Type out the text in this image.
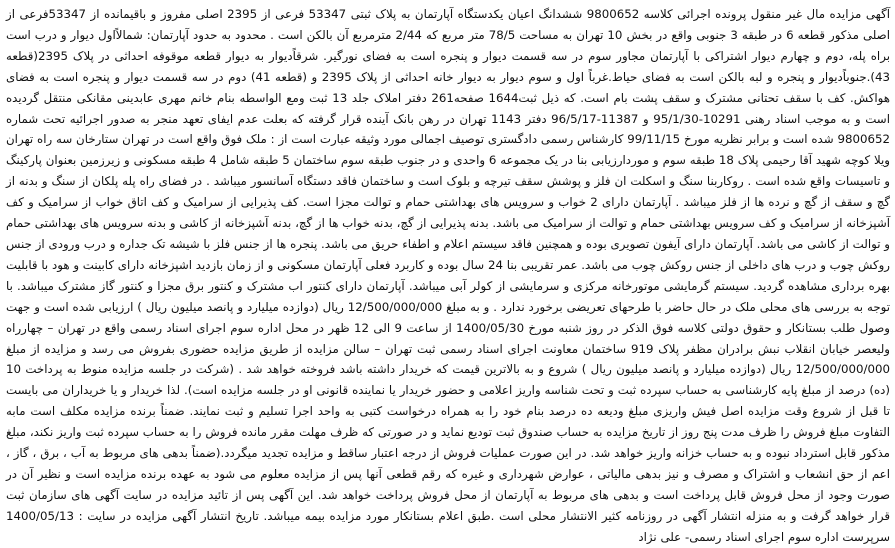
آگهی مزایده مال غیر منقول پرونده اجرائی کلاسه 9800652 ششدانگ اعیان یکدستگاه آپارتمان به پلاک ثبتی 53347 فرعی از 2395 اصلی مفروز و باقیمانده از 53347فرعی از اصلی مذکور قطعه 6 در طبقه 3 جنوبی واقع در بخش 10 تهران به مساحت 78/5 متر مربع که 2/44 مترمربع آن بالکن است . محدود به حدود آپارتمان: شمالاًاول دیوار و درب است براه پله، دوم و چهارم دیوار اشتراکی با آپارتمان مجاور سوم در سه قسمت دیوار و پنجره است به فضای نورگیر. شرقاًدیوار به دیوار قطعه موقوفه احداثی در پلاک 2395(قطعه 43).جنوباًدیوار و پنجره و لبه بالکن است به فضای حیاط.غرباً اول و سوم دیوار به دیوار خانه احداثی از پلاک 2395 و (قطعه 41) دوم در سه قسمت دیوار و پنجره است به فضای هواکش. کف با سقف تحتانی مشترک و سقف پشت بام است. که ذیل ثبت1644 صفحه261 دفتر املاک جلد 13 ثبت ومع الواسطه بنام خانم مهری عابدینی مقانکی منتقل گردیده است و به موجب اسناد رهنی 10291-95/1/30 و 11387-96/5/17 دفتر 1143 تهران در رهن بانک آینده قرار گرفته که بعلت عدم ایفای تعهد منجر به صدور اجرائیه تحت شماره 9800652 شده است و برابر نظریه مورخ 99/11/15 کارشناس رسمی دادگستری توصیف اجمالی مورد وثیقه عبارت است از : ملک فوق واقع است در تهران ستارخان سه راه تهران ویلا کوچه شهید آقا رحیمی پلاک 18 طبقه سوم و موردارزیابی بنا در یک مجموعه 6 واحدی و در جنوب طبقه سوم ساختمان 5 طبقه شامل 4 طبقه مسکونی و زیرزمین بعنوان پارکینگ و تاسیسات واقع شده است . روکاربنا سنگ و اسکلت ان فلز و پوشش سقف تیرچه و بلوک است و ساختمان فاقد دستگاه آسانسور میباشد . در فضای راه پله پلکان از سنگ و بدنه از گچ و سقف از گچ و نرده ها از فلز میباشد . آپارتمان دارای 2 خواب و سرویس های بهداشتی حمام و توالت مجزا است. کف پذیرایی از سرامیک و کف اتاق خواب از سرامیک و کف آشپزخانه از سرامیک و کف سرویس بهداشتی حمام و توالت از سرامیک می باشد. بدنه پذیرایی از گچ، بدنه خواب ها از گچ، بدنه آشپزخانه از کاشی و بدنه سرویس های بهداشتی حمام و توالت از کاشی می باشد. آپارتمان دارای آیفون تصویری بوده و همچنین فاقد سیستم اعلام و اطفاء حریق می باشد. پنجره ها از جنس فلز با شیشه تک جداره و درب ورودی از جنس روکش چوب و درب های داخلی از جنس روکش چوب می باشد. عمر تقریبی بنا 24 سال بوده و کاربرد فعلی آپارتمان مسکونی و از زمان بازدید اشپزخانه دارای کابینت و هود با قابلیت بهره برداری مشاهده گردید. سیستم گرمایشی موتورخانه مرکزی و سرمایشی از کولر آبی میباشد. آپارتمان دارای کنتور اب مشترک و کنتور برق مجزا و کنتور گاز مشترک میباشد. با توجه به بررسی های محلی ملک در حال حاضر با طرحهای تعریضی برخورد ندارد . و به مبلغ 12/500/000/000 ریال (دوازده میلیارد و پانصد میلیون ریال ) ارزیابی شده است و جهت وصول طلب بستانکار و حقوق دولتی کلاسه فوق الذکر در روز شنبه مورخ 1400/05/30 از ساعت 9 الی 12 ظهر در محل اداره سوم اجرای اسناد رسمی واقع در تهران – چهارراه ولیعصر خیابان انقلاب نبش برادران مظفر پلاک 919 ساختمان معاونت اجرای اسناد رسمی ثبت تهران – سالن مزایده از طریق مزایده حضوری بفروش می رسد و مزایده از مبلغ 12/500/000/000 ریال (دوازده میلیارد و پانصد میلیون ریال ) شروع و به بالاترین قیمت که خریدار داشته باشد فروخته خواهد شد . (شرکت در جلسه مزایده منوط به پرداخت 10 (ده) درصد از مبلغ پایه کارشناسی به حساب سپرده ثبت و تحت شناسه واریز اعلامی و حضور خریدار یا نماینده قانونی او در جلسه مزایده است). لذا خریدار و یا خریداران می بایست تا قبل از شروع وقت مزایده اصل فیش واریزی مبلغ ودیعه ده درصد بنام خود را به همراه درخواست کتبی به واحد اجرا تسلیم و ثبت نمایند. ضمناً برنده مزایده مکلف است مابه التفاوت مبلغ فروش را ظرف مدت پنج روز از تاریخ مزایده به حساب صندوق ثبت تودیع نماید و در صورتی که ظرف مهلت مقرر مانده فروش را به حساب سپرده ثبت واریز نکند، مبلغ مذکور قابل استرداد نبوده و به حساب خزانه واریز خواهد شد. در این صورت عملیات فروش از درجه اعتبار ساقط و مزایده تجدید میگردد.(ضمناً بدهی های مربوط به آب ، برق ، گاز ، اعم از حق انشعاب و اشتراک و مصرف و نیز بدهی مالیاتی ، عوارض شهرداری و غیره که رقم قطعی آنها پس از مزایده معلوم می شود به عهده برنده مزایده است و نظیر آن در صورت وجود از محل فروش قابل پرداخت است و بدهی های مربوط به آپارتمان از محل فروش پرداخت خواهد شد. این آگهی پس از تائید مزایده در سایت آگهی های سازمان ثبت قرار خواهد گرفت و به منزله انتشار آگهی در روزنامه کثیر الانتشار محلی است .طبق اعلام بستانکار مورد مزایده بیمه میباشد. تاریخ انتشار آگهی مزایده در سایت : 1400/05/13 سرپرست اداره سوم اجرای اسناد رسمی- علی نژاد
